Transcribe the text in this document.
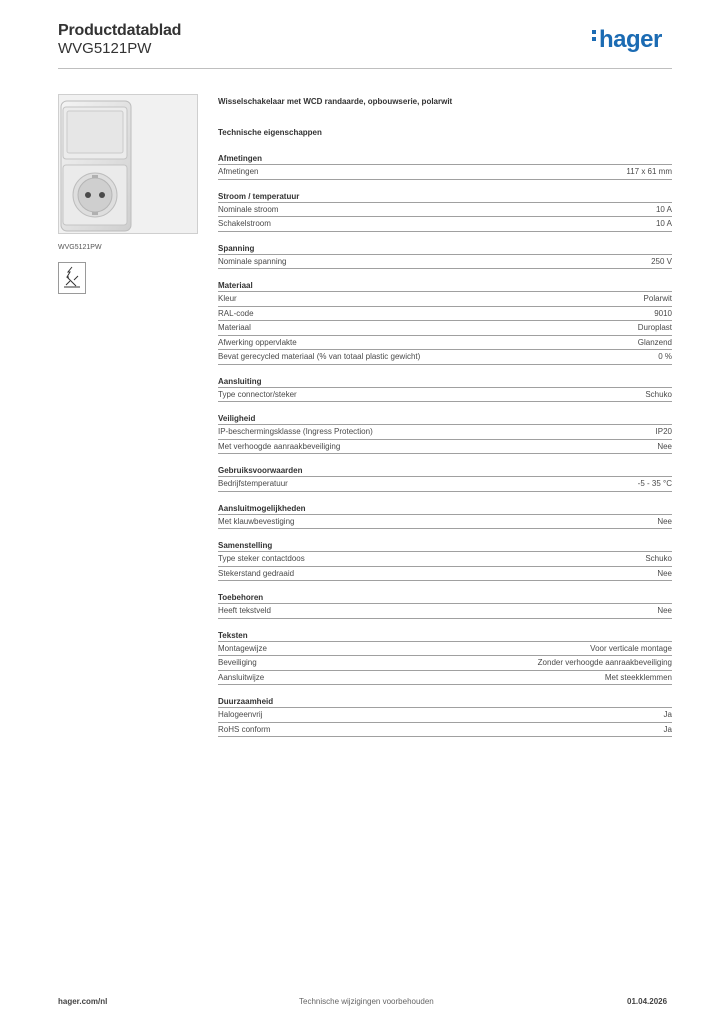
Productdatablad
WVG5121PW	hager
WVG5121PW
Wisselschakelaar met WCD randaarde, opbouwserie, polarwit
Technische eigenschappen
Afmetingen
Afmetingen	117 x 61 mm
Stroom / temperatuur
Nominale stroom	10 A
Schakelstroom	10 A
Spanning
Nominale spanning	250 V
Materiaal
Kleur	Polarwit
RAL-code	9010
Materiaal	Duroplast
Afwerking oppervlakte	Glanzend
Bevat gerecycled materiaal (% van totaal plastic gewicht)	0 %
Aansluiting
Type connector/steker	Schuko
Veiligheid
IP-beschermingsklasse (Ingress Protection)	IP20
Met verhoogde aanraakbeveiliging	Nee
Gebruiksvoorwaarden
Bedrijfstemperatuur	-5 - 35 °C
Aansluitmogelijkheden
Met klauwbevestiging	Nee
Samenstelling
Type steker contactdoos	Schuko
Stekerstand gedraaid	Nee
Toebehoren
Heeft tekstveld	Nee
Teksten
Montagewijze	Voor verticale montage
Beveiliging	Zonder verhoogde aanraakbeveiliging
Aansluitwijze	Met steekklemmen
Duurzaamheid
Halogeenvrij	Ja
RoHS conform	Ja
hager.com/nl	Technische wijzigingen voorbehouden	01.04.2026
